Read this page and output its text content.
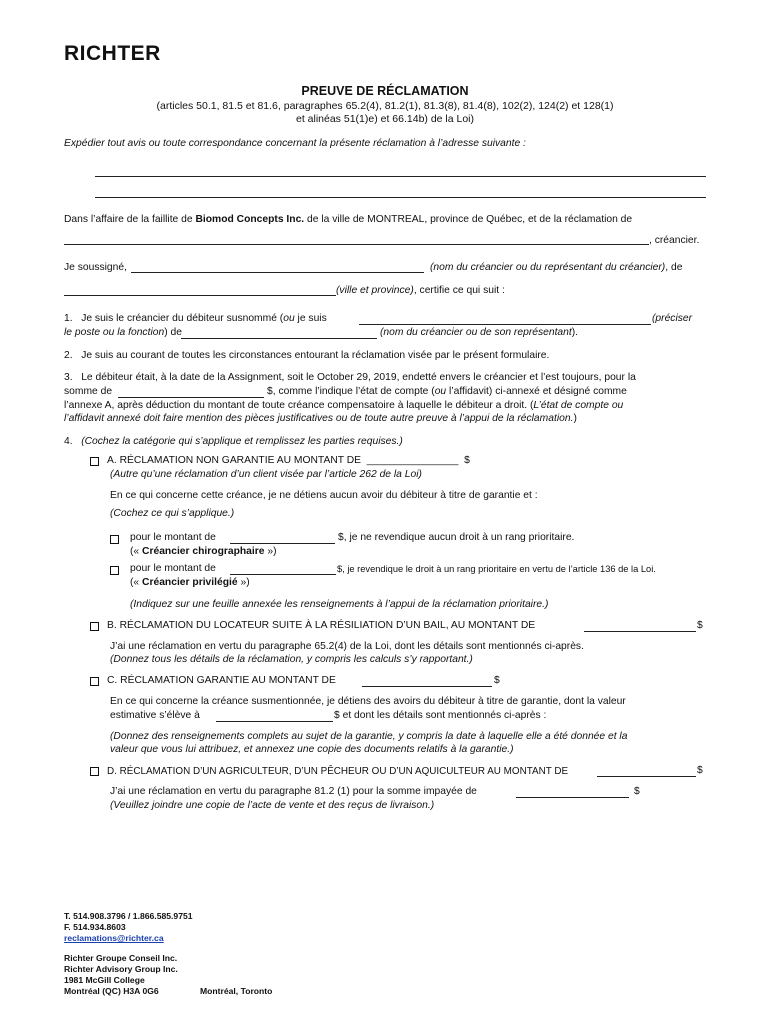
RICHTER
PREUVE DE RÉCLAMATION
(articles 50.1, 81.5 et 81.6, paragraphes 65.2(4), 81.2(1), 81.3(8), 81.4(8), 102(2), 124(2) et 128(1)
et alinéas 51(1)e) et 66.14b) de la Loi)
Expédier tout avis ou toute correspondance concernant la présente réclamation à l’adresse suivante :
Dans l’affaire de la faillite de Biomod Concepts Inc. de la ville de MONTREAL, province de Québec, et de la réclamation de
, créancier.
Je soussigné,	(nom du créancier ou du représentant du créancier), de
(ville et province), certifie ce qui suit :
1. Je suis le créancier du débiteur susnommé (ou je suis	(préciser
le poste ou la fonction) de	(nom du créancier ou de son représentant).
2. Je suis au courant de toutes les circonstances entourant la réclamation visée par le présent formulaire.
3. Le débiteur était, à la date de la Assignment, soit le October 29, 2019, endetté envers le créancier et l’est toujours, pour la
somme de	$, comme l’indique l’état de compte (ou l’affidavit) ci-annexé et désigné comme
l’annexe A, après déduction du montant de toute créance compensatoire à laquelle le débiteur a droit. (L’état de compte ou
l’affidavit annexé doit faire mention des pièces justificatives ou de toute autre preuve à l’appui de la réclamation.)
4. (Cochez la catégorie qui s’applique et remplissez les parties requises.)
A. RÉCLAMATION NON GARANTIE AU MONTANT DE ________________ $
(Autre qu’une réclamation d’un client visée par l’article 262 de la Loi)
En ce qui concerne cette créance, je ne détiens aucun avoir du débiteur à titre de garantie et :
(Cochez ce qui s’applique.)
pour le montant de	$, je ne revendique aucun droit à un rang prioritaire.
(« Créancier chirographaire »)
pour le montant de	$, je revendique le droit à un rang prioritaire en vertu de l’article 136 de la Loi.
(« Créancier privilégié »)
(Indiquez sur une feuille annexée les renseignements à l’appui de la réclamation prioritaire.)
B. RÉCLAMATION DU LOCATEUR SUITE À LA RÉSILIATION D’UN BAIL, AU MONTANT DE	$
J’ai une réclamation en vertu du paragraphe 65.2(4) de la Loi, dont les détails sont mentionnés ci-après.
(Donnez tous les détails de la réclamation, y compris les calculs s’y rapportant.)
C. RÉCLAMATION GARANTIE AU MONTANT DE	$
En ce qui concerne la créance susmentionnée, je détiens des avoirs du débiteur à titre de garantie, dont la valeur
estimative s’élève à	$ et dont les détails sont mentionnés ci-après :
(Donnez des renseignements complets au sujet de la garantie, y compris la date à laquelle elle a été donnée et la
valeur que vous lui attribuez, et annexez une copie des documents relatifs à la garantie.)
D. RÉCLAMATION D’UN AGRICULTEUR, D’UN PÊCHEUR OU D’UN AQUICULTEUR AU MONTANT DE	$
J’ai une réclamation en vertu du paragraphe 81.2 (1) pour la somme impayée de	$
(Veuillez joindre une copie de l’acte de vente et des reçus de livraison.)
T. 514.908.3796 / 1.866.585.9751
F. 514.934.8603
reclamations@richter.ca
Richter Groupe Conseil Inc.
Richter Advisory Group Inc.
1981 McGill College
Montréal (QC) H3A 0G6	Montréal, Toronto
